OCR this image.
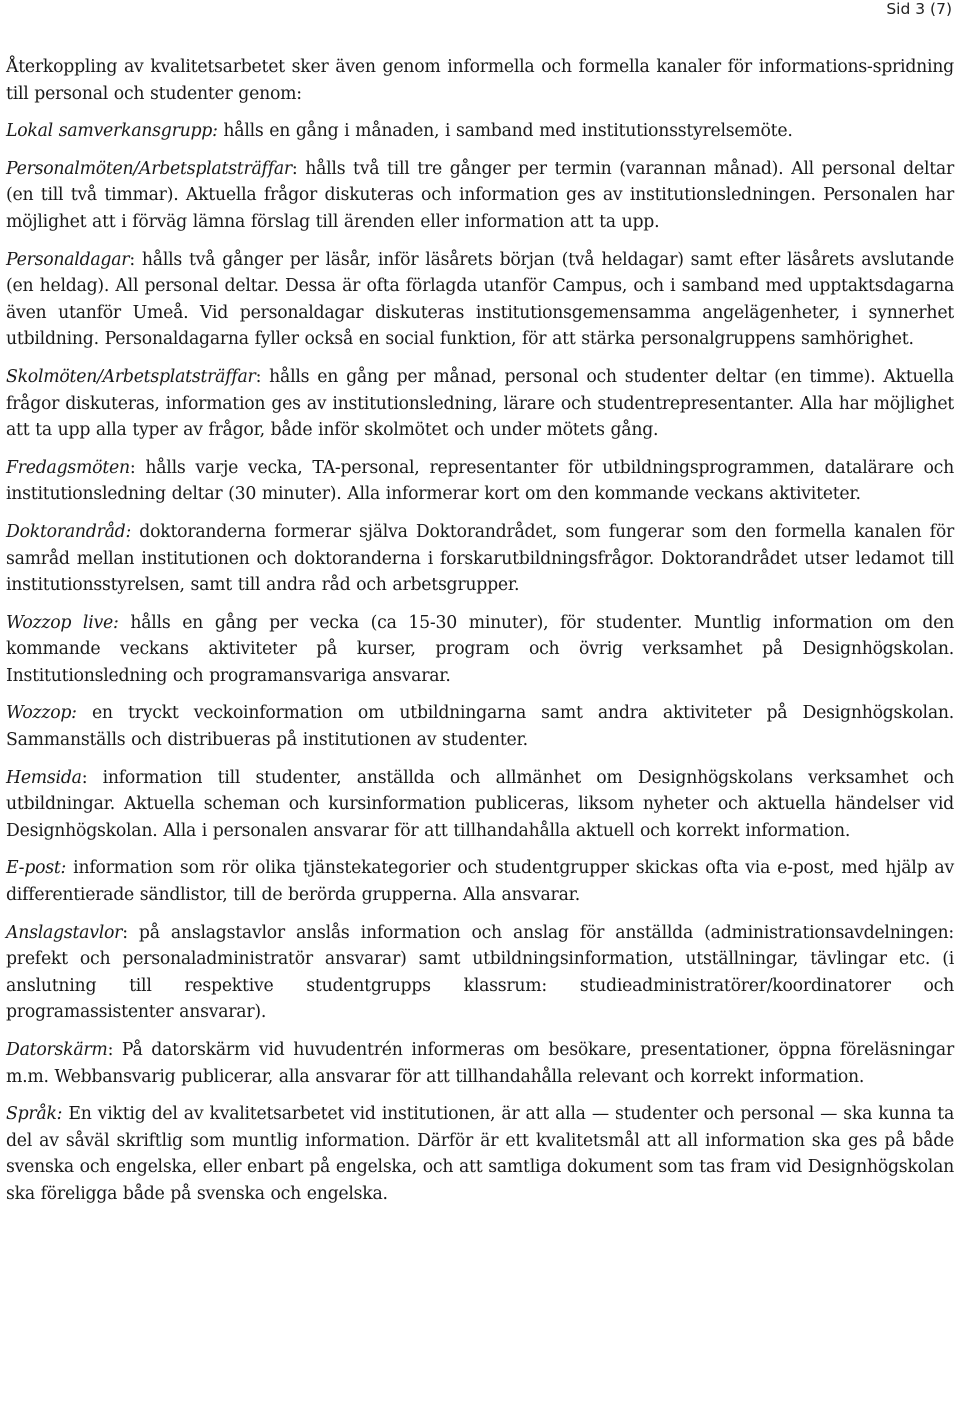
Sid 3 (7)

Återkoppling av kvalitetsarbetet sker även genom informella och formella kanaler för informations-spridning till personal och studenter genom:

Lokal samverkansgrupp: hålls en gång i månaden, i samband med institutionsstyrelsemöte.

Personalmöten/Arbetsplatsträffar: hålls två till tre gånger per termin (varannan månad). All personal deltar (en till två timmar). Aktuella frågor diskuteras och information ges av institutionsledningen. Personalen har möjlighet att i förväg lämna förslag till ärenden eller information att ta upp.

Personaldagar: hålls två gånger per läsår, inför läsårets början (två heldagar) samt efter läsårets avslutande (en heldag). All personal deltar. Dessa är ofta förlagda utanför Campus, och i samband med upptaktsdagarna även utanför Umeå. Vid personaldagar diskuteras institutionsgemensamma angelägenheter, i synnerhet utbildning. Personaldagarna fyller också en social funktion, för att stärka personalgruppens samhörighet.

Skolmöten/Arbetsplatsträffar: hålls en gång per månad, personal och studenter deltar (en timme). Aktuella frågor diskuteras, information ges av institutionsledning, lärare och studentrepresentanter. Alla har möjlighet att ta upp alla typer av frågor, både inför skolmötet och under mötets gång.

Fredagsmöten: hålls varje vecka, TA-personal, representanter för utbildningsprogrammen, datalärare och institutionsledning deltar (30 minuter). Alla informerar kort om den kommande veckans aktiviteter.

Doktorandråd: doktoranderna formerar själva Doktorandrådet, som fungerar som den formella kanalen för samråd mellan institutionen och doktoranderna i forskarutbildningsfrågor. Doktorandrådet utser ledamot till institutionsstyrelsen, samt till andra råd och arbetsgrupper.

Wozzop live: hålls en gång per vecka (ca 15-30 minuter), för studenter. Muntlig information om den kommande veckans aktiviteter på kurser, program och övrig verksamhet på Designhögskolan. Institutionsledning och programansvariga ansvarar.

Wozzop: en tryckt veckoinformation om utbildningarna samt andra aktiviteter på Designhögskolan. Sammanställs och distribueras på institutionen av studenter.

Hemsida: information till studenter, anställda och allmänhet om Designhögskolans verksamhet och utbildningar. Aktuella scheman och kursinformation publiceras, liksom nyheter och aktuella händelser vid Designhögskolan. Alla i personalen ansvarar för att tillhandahålla aktuell och korrekt information.

E-post: information som rör olika tjänstekategorier och studentgrupper skickas ofta via e-post, med hjälp av differentierade sändlistor, till de berörda grupperna. Alla ansvarar.

Anslagstavlor: på anslagstavlor anslås information och anslag för anställda (administrationsavdelningen: prefekt och personaladministratör ansvarar) samt utbildningsinformation, utställningar, tävlingar etc. (i anslutning till respektive studentgrupps klassrum: studieadministratörer/koordinatorer och programassistenter ansvarar).

Datorskärm: På datorskärm vid huvudentrén informeras om besökare, presentationer, öppna föreläsningar m.m. Webbansvarig publicerar, alla ansvarar för att tillhandahålla relevant och korrekt information.

Språk: En viktig del av kvalitetsarbetet vid institutionen, är att alla — studenter och personal — ska kunna ta del av såväl skriftlig som muntlig information. Därför är ett kvalitetsmål att all information ska ges på både svenska och engelska, eller enbart på engelska, och att samtliga dokument som tas fram vid Designhögskolan ska föreligga både på svenska och engelska.
